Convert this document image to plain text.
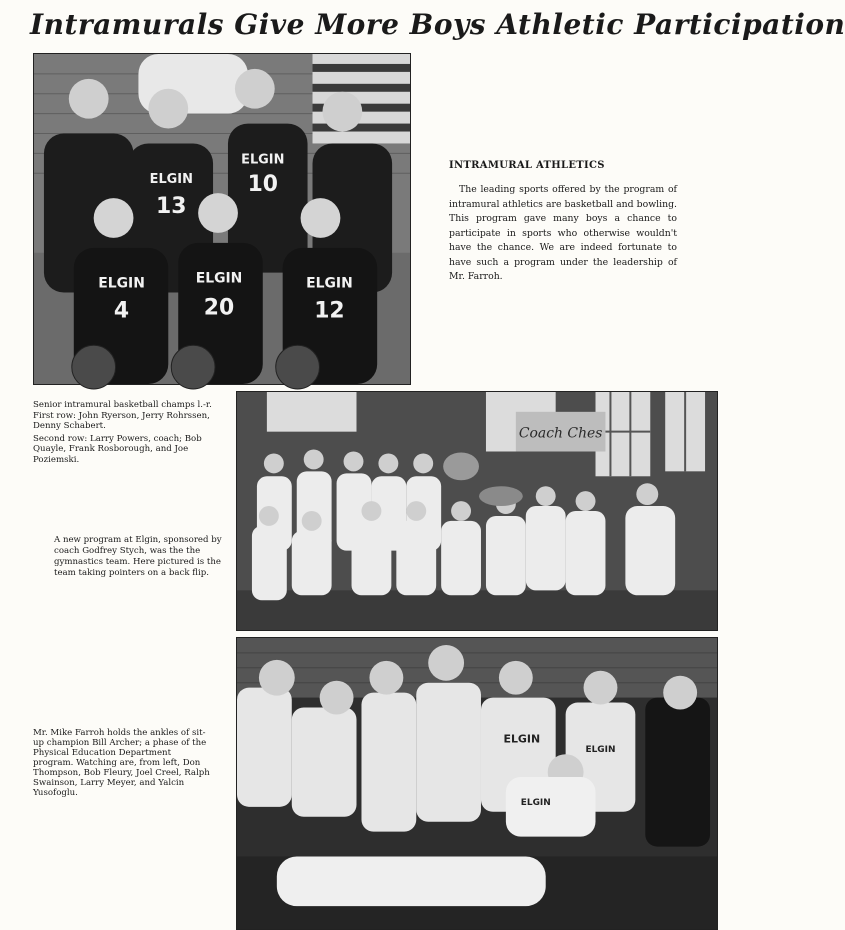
Intramurals Give More Boys Athletic Participation
ELGIN
13
ELGIN
10
ELGIN
4
ELGIN
20
ELGIN
12
INTRAMURAL ATHLETICS
The leading sports offered by the program of intramural athletics are basketball and bowling. This program gave many boys a chance to participate in sports who otherwise wouldn't have the chance. We are indeed fortunate to have such a program under the leadership of Mr. Farroh.

Senior intramural basketball champs l.-r. First row: John Ryerson, Jerry Rohrssen, Denny Schabert.

Second row: Larry Powers, coach; Bob Quayle, Frank Rosborough, and Joe Poziemski.

Coach Ches
A new program at Elgin, sponsored by coach Godfrey Stych, was the the gymnastics team. Here pictured is the team taking pointers on a back flip.
ELGIN
ELGIN
ELGIN
Mr. Mike Farroh holds the ankles of sit-up champion Bill Archer; a phase of the Physical Education Department program. Watching are, from left, Don Thompson, Bob Fleury, Joel Creel, Ralph Swainson, Larry Meyer, and Yalcin Yusofoglu.
